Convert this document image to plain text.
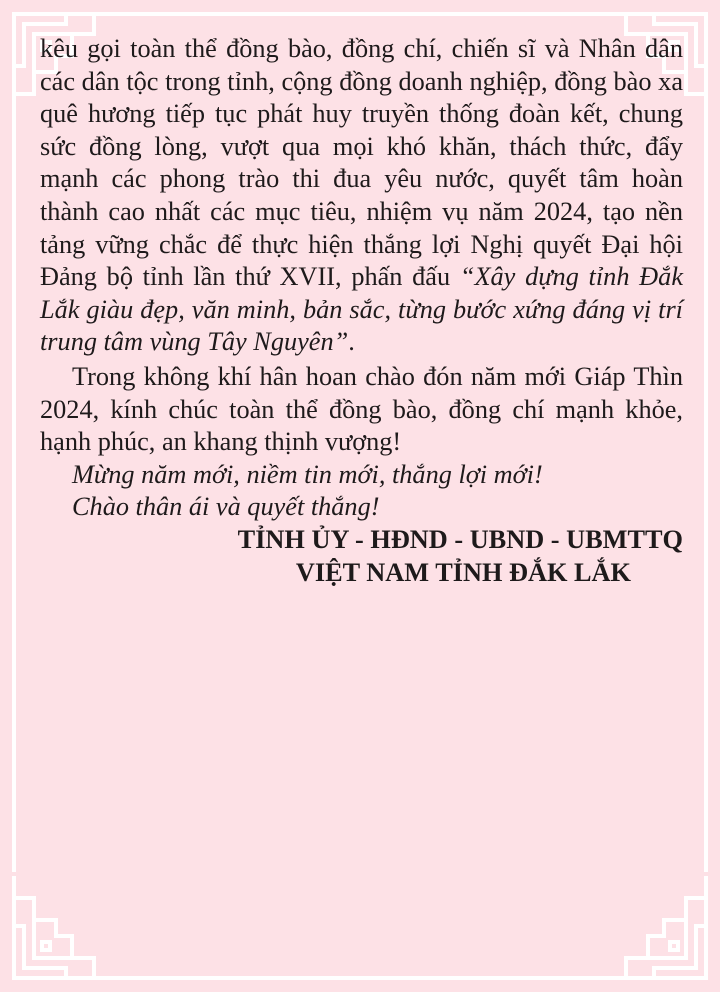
kêu gọi toàn thể đồng bào, đồng chí, chiến sĩ và Nhân dân các dân tộc trong tỉnh, cộng đồng doanh nghiệp, đồng bào xa quê hương tiếp tục phát huy truyền thống đoàn kết, chung sức đồng lòng, vượt qua mọi khó khăn, thách thức, đẩy mạnh các phong trào thi đua yêu nước, quyết tâm hoàn thành cao nhất các mục tiêu, nhiệm vụ năm 2024, tạo nền tảng vững chắc để thực hiện thắng lợi Nghị quyết Đại hội Đảng bộ tỉnh lần thứ XVII, phấn đấu “Xây dựng tỉnh Đắk Lắk giàu đẹp, văn minh, bản sắc, từng bước xứng đáng vị trí trung tâm vùng Tây Nguyên”.

Trong không khí hân hoan chào đón năm mới Giáp Thìn 2024, kính chúc toàn thể đồng bào, đồng chí mạnh khỏe, hạnh phúc, an khang thịnh vượng!

Mừng năm mới, niềm tin mới, thắng lợi mới!

Chào thân ái và quyết thắng!

TỈNH ỦY - HĐND - UBND - UBMTTQ

VIỆT NAM TỈNH ĐẮK LẮK
